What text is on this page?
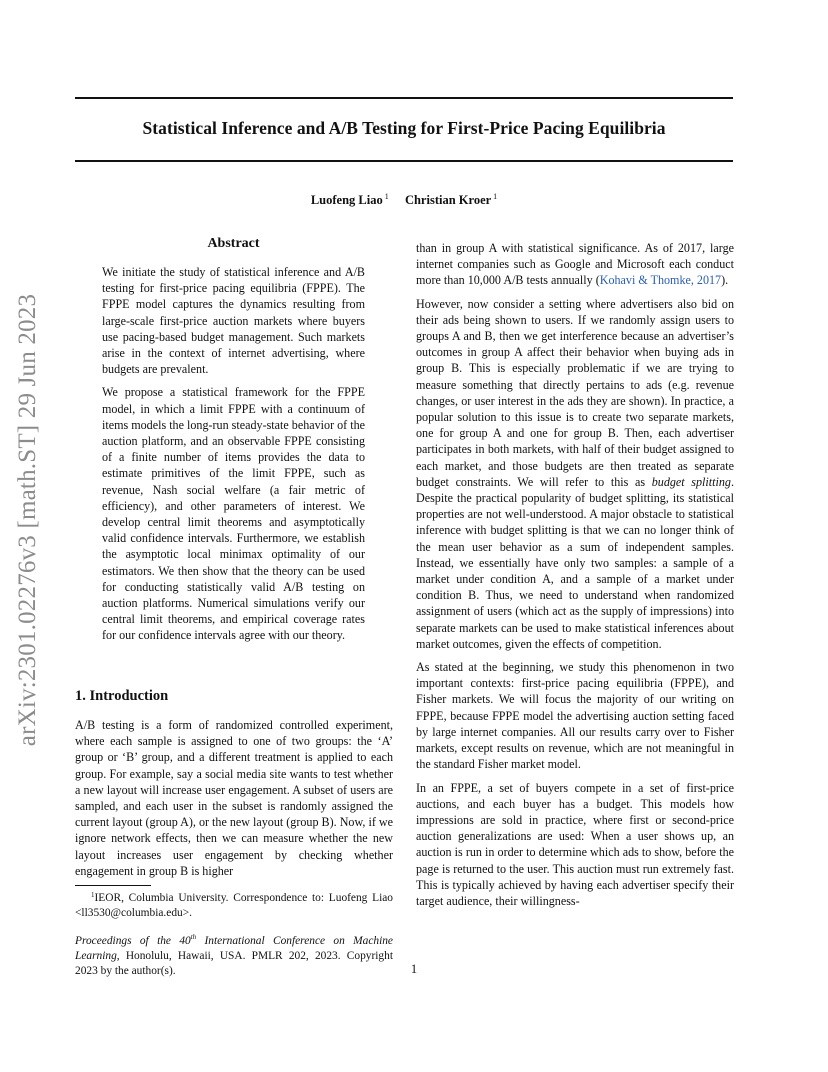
arXiv:2301.02276v3 [math.ST] 29 Jun 2023
Statistical Inference and A/B Testing for First-Price Pacing Equilibria
Luofeng Liao $^1$ Christian Kroer $^1$
Abstract

We initiate the study of statistical inference and A/B testing for first-price pacing equilibria (FPPE). The FPPE model captures the dynamics resulting from large-scale first-price auction markets where buyers use pacing-based budget management. Such markets arise in the context of internet advertising, where budgets are prevalent.

We propose a statistical framework for the FPPE model, in which a limit FPPE with a continuum of items models the long-run steady-state behavior of the auction platform, and an observable FPPE consisting of a finite number of items provides the data to estimate primitives of the limit FPPE, such as revenue, Nash social welfare (a fair metric of efficiency), and other parameters of interest. We develop central limit theorems and asymptotically valid confidence intervals. Furthermore, we establish the asymptotic local minimax optimality of our estimators. We then show that the theory can be used for conducting statistically valid A/B testing on auction platforms. Numerical simulations verify our central limit theorems, and empirical coverage rates for our confidence intervals agree with our theory.

1. Introduction

A/B testing is a form of randomized controlled experiment, where each sample is assigned to one of two groups: the ‘A’ group or ‘B’ group, and a different treatment is applied to each group. For example, say a social media site wants to test whether a new layout will increase user engagement. A subset of users are sampled, and each user in the subset is randomly assigned the current layout (group A), or the new layout (group B). Now, if we ignore network effects, then we can measure whether the new layout increases user engagement by checking whether engagement in group B is higher

$^1$IEOR, Columbia University. Correspondence to: Luofeng Liao <ll3530@columbia.edu>.

Proceedings of the 40th International Conference on Machine Learning, Honolulu, Hawaii, USA. PMLR 202, 2023. Copyright 2023 by the author(s).

than in group A with statistical significance. As of 2017, large internet companies such as Google and Microsoft each conduct more than 10,000 A/B tests annually (Kohavi & Thomke, 2017).

However, now consider a setting where advertisers also bid on their ads being shown to users. If we randomly assign users to groups A and B, then we get interference because an advertiser’s outcomes in group A affect their behavior when buying ads in group B. This is especially problematic if we are trying to measure something that directly pertains to ads (e.g. revenue changes, or user interest in the ads they are shown). In practice, a popular solution to this issue is to create two separate markets, one for group A and one for group B. Then, each advertiser participates in both markets, with half of their budget assigned to each market, and those budgets are then treated as separate budget constraints. We will refer to this as budget splitting. Despite the practical popularity of budget splitting, its statistical properties are not well-understood. A major obstacle to statistical inference with budget splitting is that we can no longer think of the mean user behavior as a sum of independent samples. Instead, we essentially have only two samples: a sample of a market under condition A, and a sample of a market under condition B. Thus, we need to understand when randomized assignment of users (which act as the supply of impressions) into separate markets can be used to make statistical inferences about market outcomes, given the effects of competition.

As stated at the beginning, we study this phenomenon in two important contexts: first-price pacing equilibria (FPPE), and Fisher markets. We will focus the majority of our writing on FPPE, because FPPE model the advertising auction setting faced by large internet companies. All our results carry over to Fisher markets, except results on revenue, which are not meaningful in the standard Fisher market model.

In an FPPE, a set of buyers compete in a set of first-price auctions, and each buyer has a budget. This models how impressions are sold in practice, where first or second-price auction generalizations are used: When a user shows up, an auction is run in order to determine which ads to show, before the page is returned to the user. This auction must run extremely fast. This is typically achieved by having each advertiser specify their target audience, their willingness-

1
